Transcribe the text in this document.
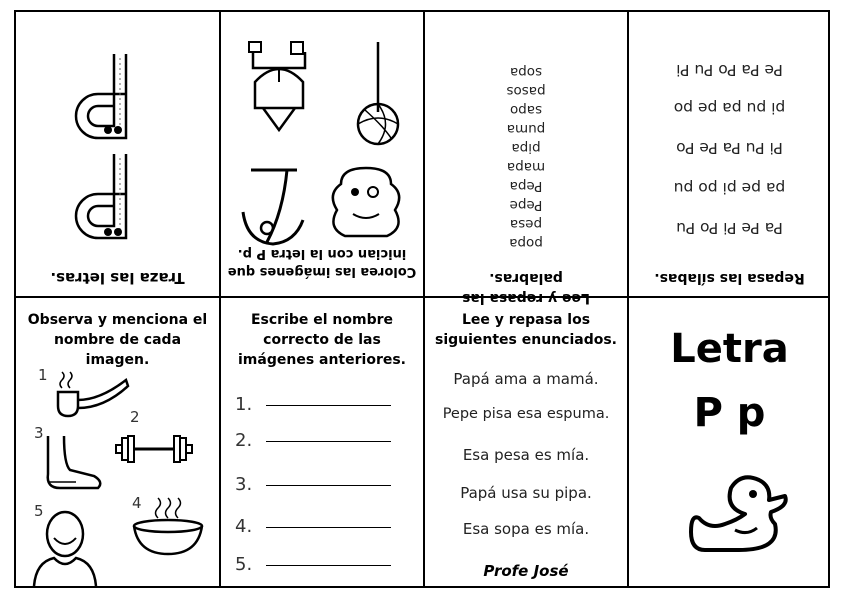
Traza las letras.	Colorea las imágenes que
inician con la letra P p.
Lee y repasa las palabras.
popa
pesa
Pepe
Pepa
mapa
pipa
puma
sapo
pasos
sopa
Repasa las sílabas.
Pa Pe Pi Po Pu
pa pe pi po pu
Pi Pu Pa Pe Po
pi pu pa pe po
Pe Pa Po Pu Pi
Observa y menciona el nombre de cada imagen.
1
2
3
4
5
Escribe el nombre correcto de las imágenes anteriores.
1.
2.
3.
4.
5.
Lee y repasa los siguientes enunciados.
Papá ama a mamá.
Pepe pisa esa espuma.
Esa pesa es mía.
Papá usa su pipa.
Esa sopa es mía.
Profe José
Letra
P p
